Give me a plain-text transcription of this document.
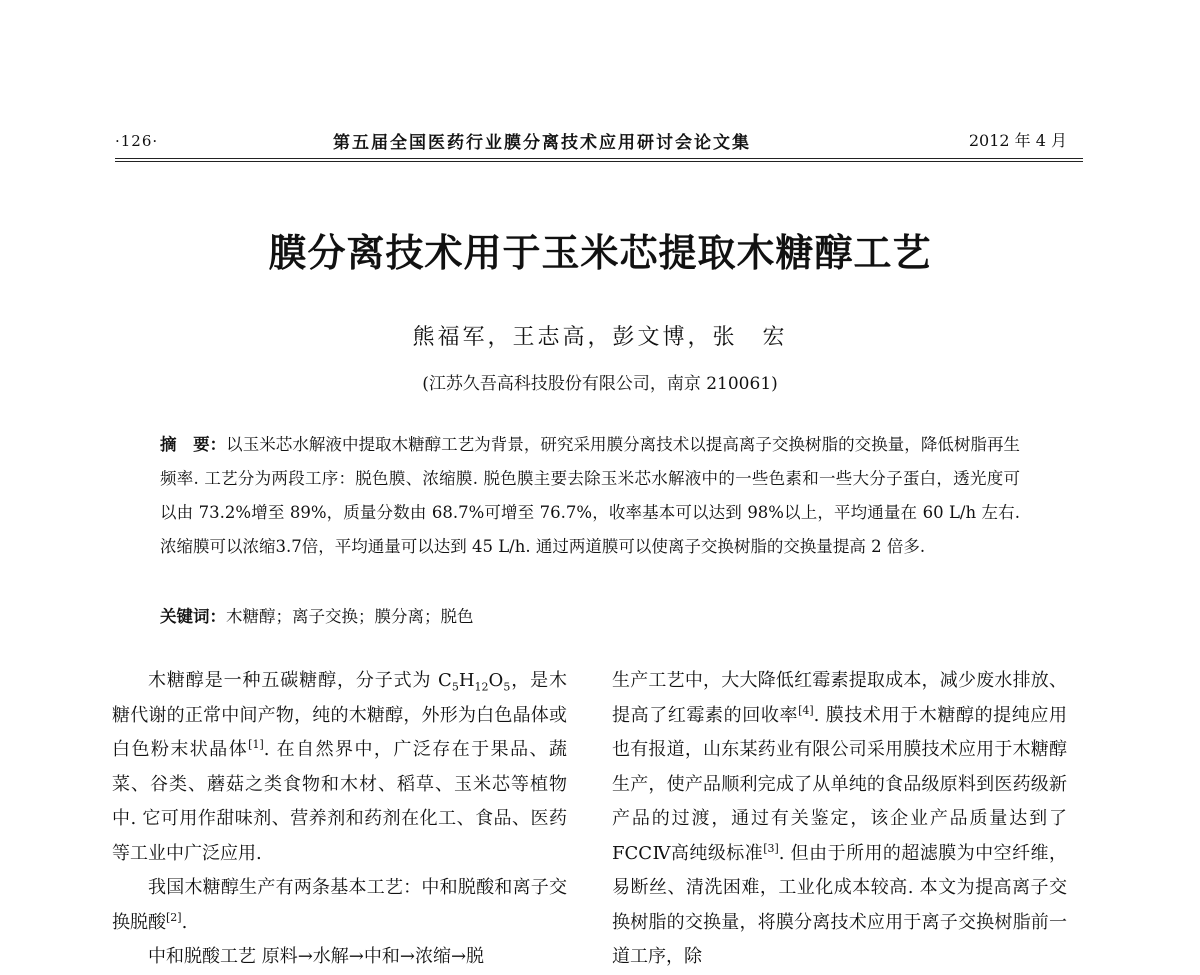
·126·	第五届全国医药行业膜分离技术应用研讨会论文集	2012 年 4 月
膜分离技术用于玉米芯提取木糖醇工艺
熊福军，王志高，彭文博，张　宏
(江苏久吾高科技股份有限公司，南京 210061)
摘　要：以玉米芯水解液中提取木糖醇工艺为背景，研究采用膜分离技术以提高离子交换树脂的交换量，降低树脂再生频率. 工艺分为两段工序：脱色膜、浓缩膜. 脱色膜主要去除玉米芯水解液中的一些色素和一些大分子蛋白，透光度可以由 73.2%增至 89%，质量分数由 68.7%可增至 76.7%，收率基本可以达到 98%以上，平均通量在 60 L/h 左右. 浓缩膜可以浓缩3.7倍，平均通量可以达到 45 L/h. 通过两道膜可以使离子交换树脂的交换量提高 2 倍多.
关键词：木糖醇；离子交换；膜分离；脱色

木糖醇是一种五碳糖醇，分子式为 $C_5H_{12}O_5$，是木糖代谢的正常中间产物，纯的木糖醇，外形为白色晶体或白色粉末状晶体[1]. 在自然界中，广泛存在于果品、蔬菜、谷类、蘑菇之类食物和木材、稻草、玉米芯等植物中. 它可用作甜味剂、营养剂和药剂在化工、食品、医药等工业中广泛应用.

我国木糖醇生产有两条基本工艺：中和脱酸和离子交换脱酸[2].

中和脱酸工艺 原料→水解→中和→浓缩→脱

生产工艺中，大大降低红霉素提取成本，减少废水排放、提高了红霉素的回收率[4]. 膜技术用于木糖醇的提纯应用也有报道，山东某药业有限公司采用膜技术应用于木糖醇生产，使产品顺利完成了从单纯的食品级原料到医药级新产品的过渡，通过有关鉴定，该企业产品质量达到了 FCCⅣ高纯级标准[3]. 但由于所用的超滤膜为中空纤维，易断丝、清洗困难，工业化成本较高. 本文为提高离子交换树脂的交换量，将膜分离技术应用于离子交换树脂前一道工序，除
